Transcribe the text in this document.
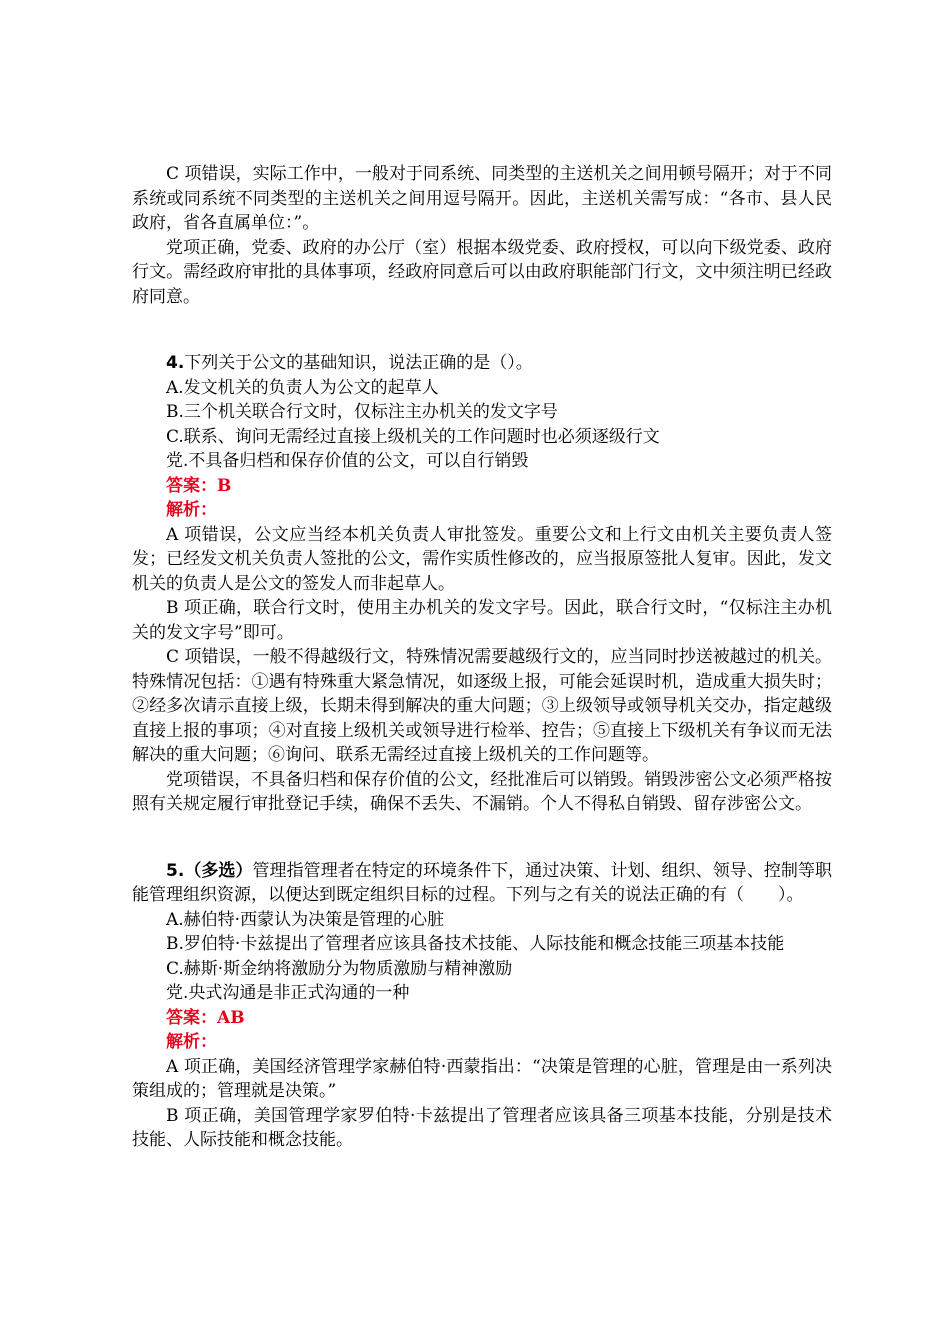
C 项错误，实际工作中，一般对于同系统、同类型的主送机关之间用顿号隔开；对于不同系统或同系统不同类型的主送机关之间用逗号隔开。因此，主送机关需写成：“各市、县人民政府，省各直属单位：”。

党项正确，党委、政府的办公厅（室）根据本级党委、政府授权，可以向下级党委、政府行文。需经政府审批的具体事项，经政府同意后可以由政府职能部门行文，文中须注明已经政府同意。

4.下列关于公文的基础知识，说法正确的是（）。

A.发文机关的负责人为公文的起草人

B.三个机关联合行文时，仅标注主办机关的发文字号

C.联系、询问无需经过直接上级机关的工作问题时也必须逐级行文

党.不具备归档和保存价值的公文，可以自行销毁

答案：B

解析：

A 项错误，公文应当经本机关负责人审批签发。重要公文和上行文由机关主要负责人签发；已经发文机关负责人签批的公文，需作实质性修改的，应当报原签批人复审。因此，发文机关的负责人是公文的签发人而非起草人。

B 项正确，联合行文时，使用主办机关的发文字号。因此，联合行文时，“仅标注主办机关的发文字号”即可。

C 项错误，一般不得越级行文，特殊情况需要越级行文的，应当同时抄送被越过的机关。特殊情况包括：①遇有特殊重大紧急情况，如逐级上报，可能会延误时机，造成重大损失时；②经多次请示直接上级，长期未得到解决的重大问题；③上级领导或领导机关交办，指定越级直接上报的事项；④对直接上级机关或领导进行检举、控告；⑤直接上下级机关有争议而无法解决的重大问题；⑥询问、联系无需经过直接上级机关的工作问题等。

党项错误，不具备归档和保存价值的公文，经批准后可以销毁。销毁涉密公文必须严格按照有关规定履行审批登记手续，确保不丢失、不漏销。个人不得私自销毁、留存涉密公文。

5.（多选）管理指管理者在特定的环境条件下，通过决策、计划、组织、领导、控制等职能管理组织资源，以便达到既定组织目标的过程。下列与之有关的说法正确的有（　　）。

A.赫伯特·西蒙认为决策是管理的心脏

B.罗伯特·卡兹提出了管理者应该具备技术技能、人际技能和概念技能三项基本技能

C.赫斯·斯金纳将激励分为物质激励与精神激励

党.央式沟通是非正式沟通的一种

答案：AB

解析：

A 项正确，美国经济管理学家赫伯特·西蒙指出：“决策是管理的心脏，管理是由一系列决策组成的；管理就是决策。”

B 项正确，美国管理学家罗伯特·卡兹提出了管理者应该具备三项基本技能，分别是技术技能、人际技能和概念技能。
